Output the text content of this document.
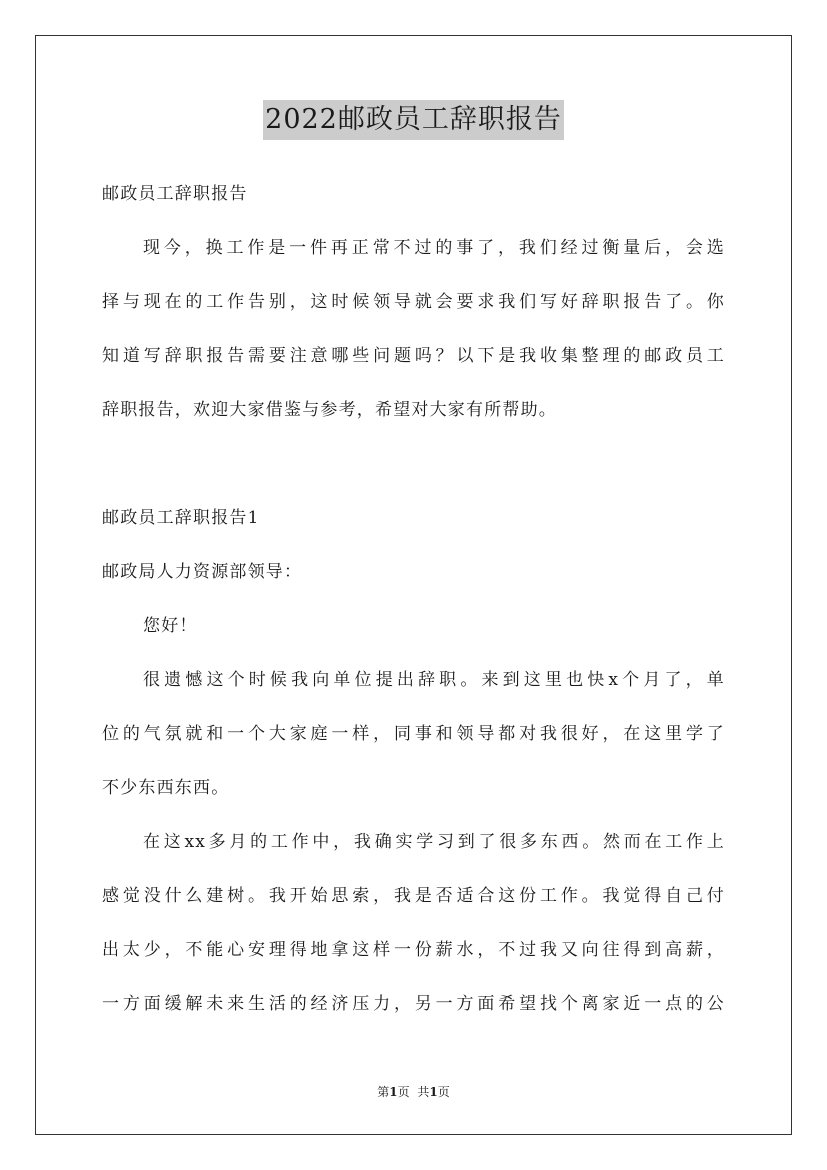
2022邮政员工辞职报告
邮政员工辞职报告
现今，换工作是一件再正常不过的事了，我们经过衡量后，会选
择与现在的工作告别，这时候领导就会要求我们写好辞职报告了。你
知道写辞职报告需要注意哪些问题吗？以下是我收集整理的邮政员工
辞职报告，欢迎大家借鉴与参考，希望对大家有所帮助。
邮政员工辞职报告1
邮政局人力资源部领导：
您好！
很遗憾这个时候我向单位提出辞职。来到这里也快x个月了，单
位的气氛就和一个大家庭一样，同事和领导都对我很好，在这里学了
不少东西东西。
在这xx多月的工作中，我确实学习到了很多东西。然而在工作上
感觉没什么建树。我开始思索，我是否适合这份工作。我觉得自己付
出太少，不能心安理得地拿这样一份薪水，不过我又向往得到高薪，
一方面缓解未来生活的经济压力，另一方面希望找个离家近一点的公
第1页 共1页
